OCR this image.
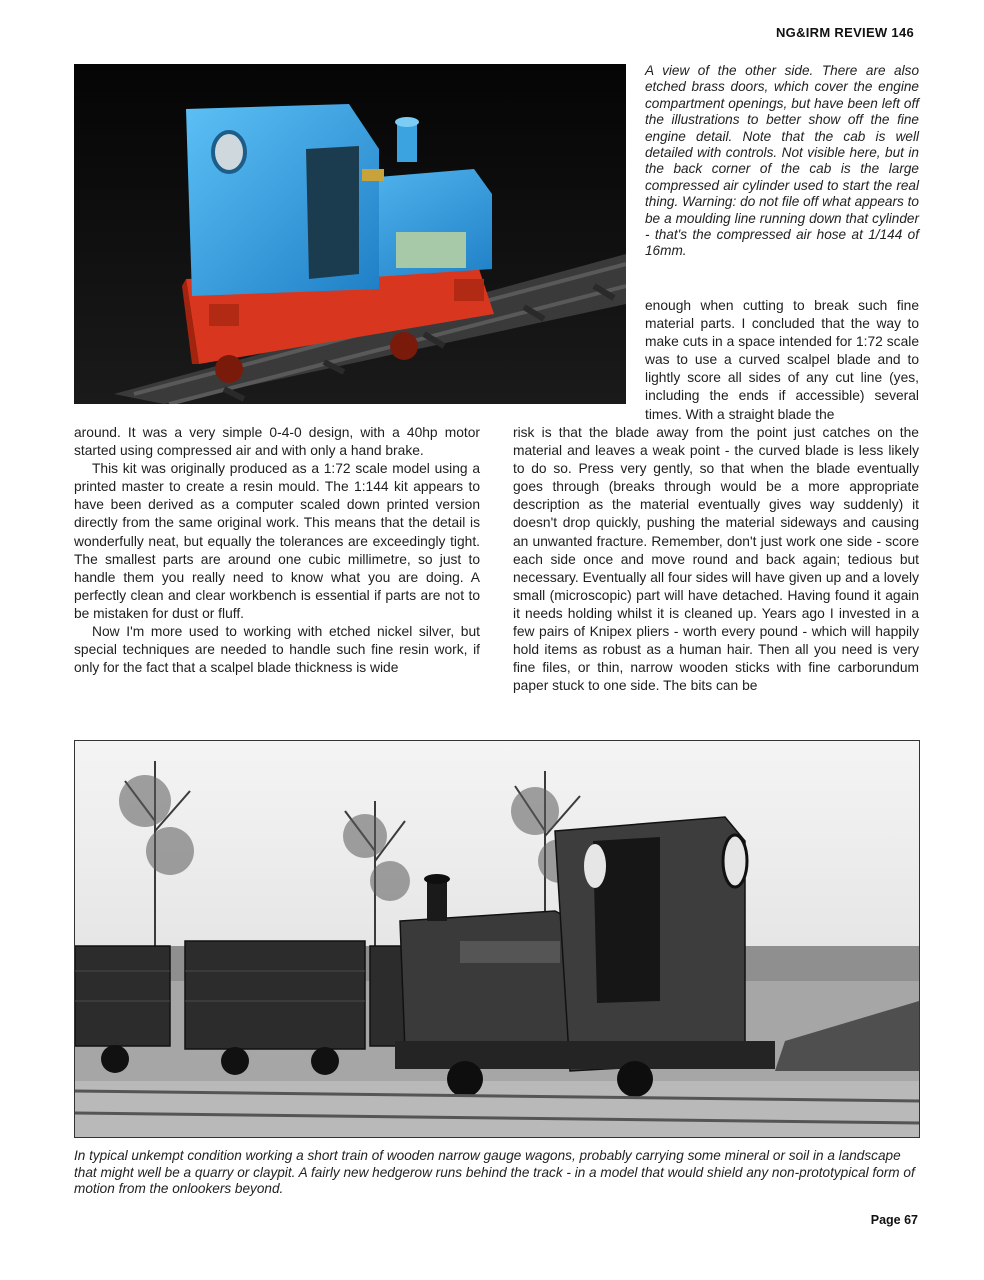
NG&IRM REVIEW 146
A view of the other side. There are also etched brass doors, which cover the engine compartment openings, but have been left off the illustrations to better show off the fine engine detail. Note that the cab is well detailed with controls. Not visible here, but in the back corner of the cab is the large compressed air cylinder used to start the real thing. Warning: do not file off what appears to be a moulding line running down that cylinder - that's the compressed air hose at 1/144 of 16mm.

enough when cutting to break such fine material parts. I concluded that the way to make cuts in a space intended for 1:72 scale was to use a curved scalpel blade and to lightly score all sides of any cut line (yes, including the ends if accessible) several times. With a straight blade the

around. It was a very simple 0-4-0 design, with a 40hp motor started using compressed air and with only a hand brake.

This kit was originally produced as a 1:72 scale model using a printed master to create a resin mould. The 1:144 kit appears to have been derived as a computer scaled down printed version directly from the same original work. This means that the detail is wonderfully neat, but equally the tolerances are exceedingly tight. The smallest parts are around one cubic millimetre, so just to handle them you really need to know what you are doing. A perfectly clean and clear workbench is essential if parts are not to be mistaken for dust or fluff.

Now I'm more used to working with etched nickel silver, but special techniques are needed to handle such fine resin work, if only for the fact that a scalpel blade thickness is wide

risk is that the blade away from the point just catches on the material and leaves a weak point - the curved blade is less likely to do so. Press very gently, so that when the blade eventually goes through (breaks through would be a more appropriate description as the material eventually gives way suddenly) it doesn't drop quickly, pushing the material sideways and causing an unwanted fracture. Remember, don't just work one side - score each side once and move round and back again; tedious but necessary. Eventually all four sides will have given up and a lovely small (microscopic) part will have detached. Having found it again it needs holding whilst it is cleaned up. Years ago I invested in a few pairs of Knipex pliers - worth every pound - which will happily hold items as robust as a human hair. Then all you need is very fine files, or thin, narrow wooden sticks with fine carborundum paper stuck to one side. The bits can be

In typical unkempt condition working a short train of wooden narrow gauge wagons, probably carrying some mineral or soil in a landscape that might well be a quarry or claypit. A fairly new hedgerow runs behind the track - in a model that would shield any non-prototypical form of motion from the onlookers beyond.
Page 67
